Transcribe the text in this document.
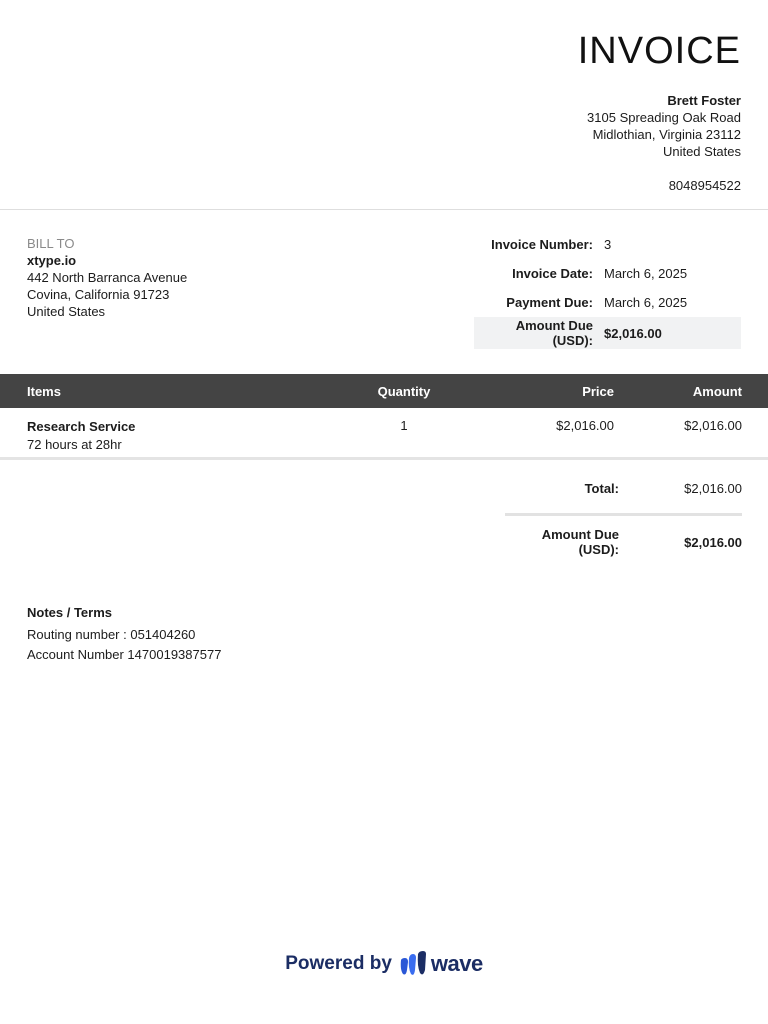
INVOICE
Brett Foster
3105 Spreading Oak Road
Midlothian, Virginia 23112
United States
8048954522
BILL TO
xtype.io
442 North Barranca Avenue
Covina, California 91723
United States
Invoice Number: 3
Invoice Date: March 6, 2025
Payment Due: March 6, 2025
Amount Due (USD): $2,016.00
Items	Quantity	Price	Amount
Research Service
72 hours at 28hr
1	$2,016.00	$2,016.00
Total:	$2,016.00
Amount Due (USD):	$2,016.00
Notes / Terms
Routing number : 051404260
Account Number 1470019387577
Powered by wave
